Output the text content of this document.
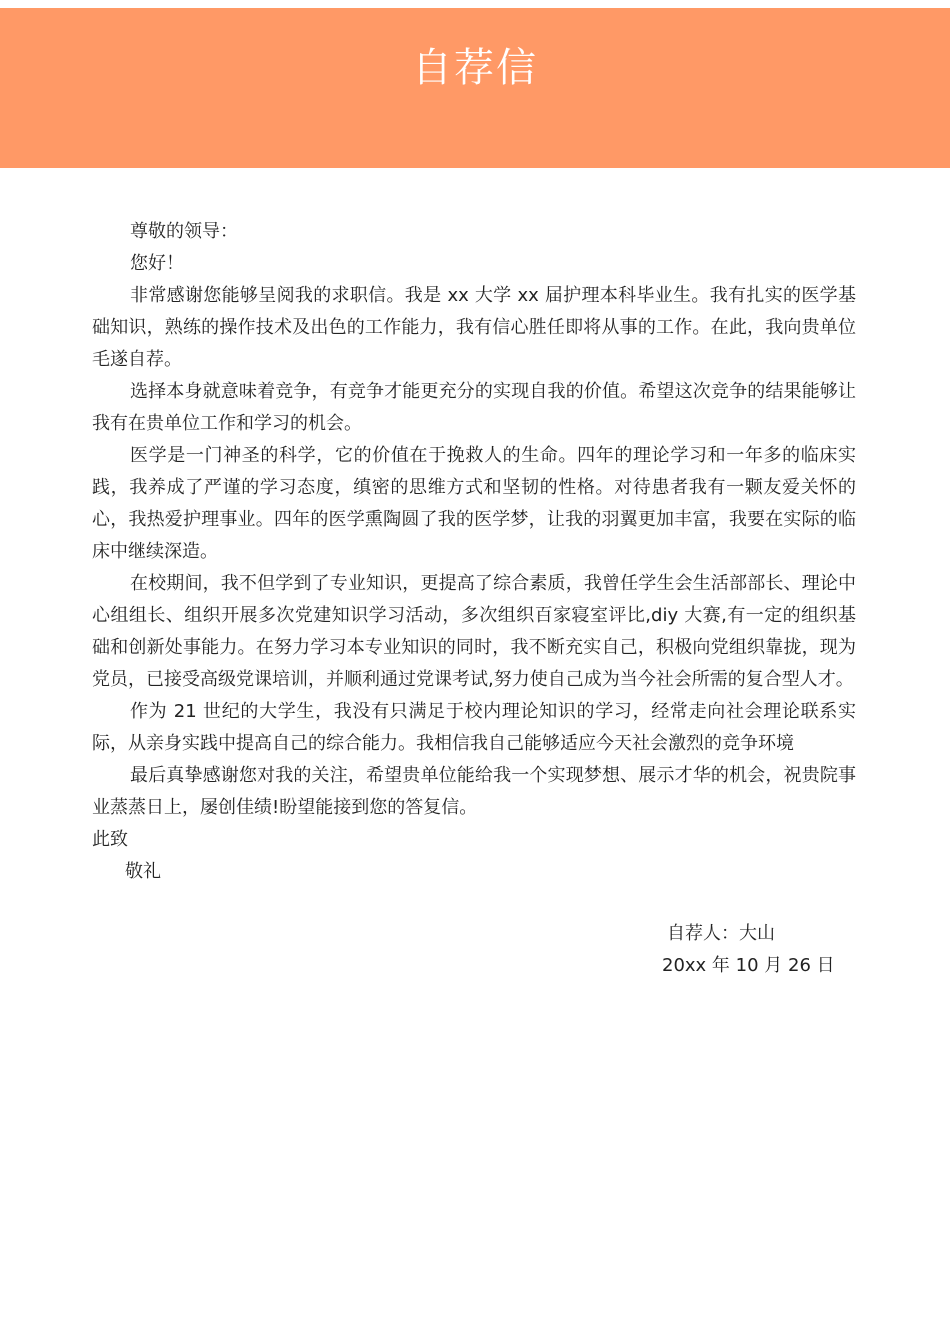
自荐信

尊敬的领导：

您好！

非常感谢您能够呈阅我的求职信。我是 xx 大学 xx 届护理本科毕业生。我有扎实的医学基础知识，熟练的操作技术及出色的工作能力，我有信心胜任即将从事的工作。在此，我向贵单位毛遂自荐。

选择本身就意味着竞争，有竞争才能更充分的实现自我的价值。希望这次竞争的结果能够让我有在贵单位工作和学习的机会。

医学是一门神圣的科学，它的价值在于挽救人的生命。四年的理论学习和一年多的临床实践，我养成了严谨的学习态度，缜密的思维方式和坚韧的性格。对待患者我有一颗友爱关怀的心，我热爱护理事业。四年的医学熏陶圆了我的医学梦，让我的羽翼更加丰富，我要在实际的临床中继续深造。

在校期间，我不但学到了专业知识，更提高了综合素质，我曾任学生会生活部部长、理论中心组组长、组织开展多次党建知识学习活动，多次组织百家寝室评比,diy 大赛,有一定的组织基础和创新处事能力。在努力学习本专业知识的同时，我不断充实自己，积极向党组织靠拢，现为党员，已接受高级党课培训，并顺利通过党课考试,努力使自己成为当今社会所需的复合型人才。

作为 21 世纪的大学生，我没有只满足于校内理论知识的学习，经常走向社会理论联系实际，从亲身实践中提高自己的综合能力。我相信我自己能够适应今天社会激烈的竞争环境

最后真挚感谢您对我的关注，希望贵单位能给我一个实现梦想、展示才华的机会，祝贵院事业蒸蒸日上，屡创佳绩!盼望能接到您的答复信。

此致

敬礼

自荐人：大山
20xx 年 10 月 26 日
